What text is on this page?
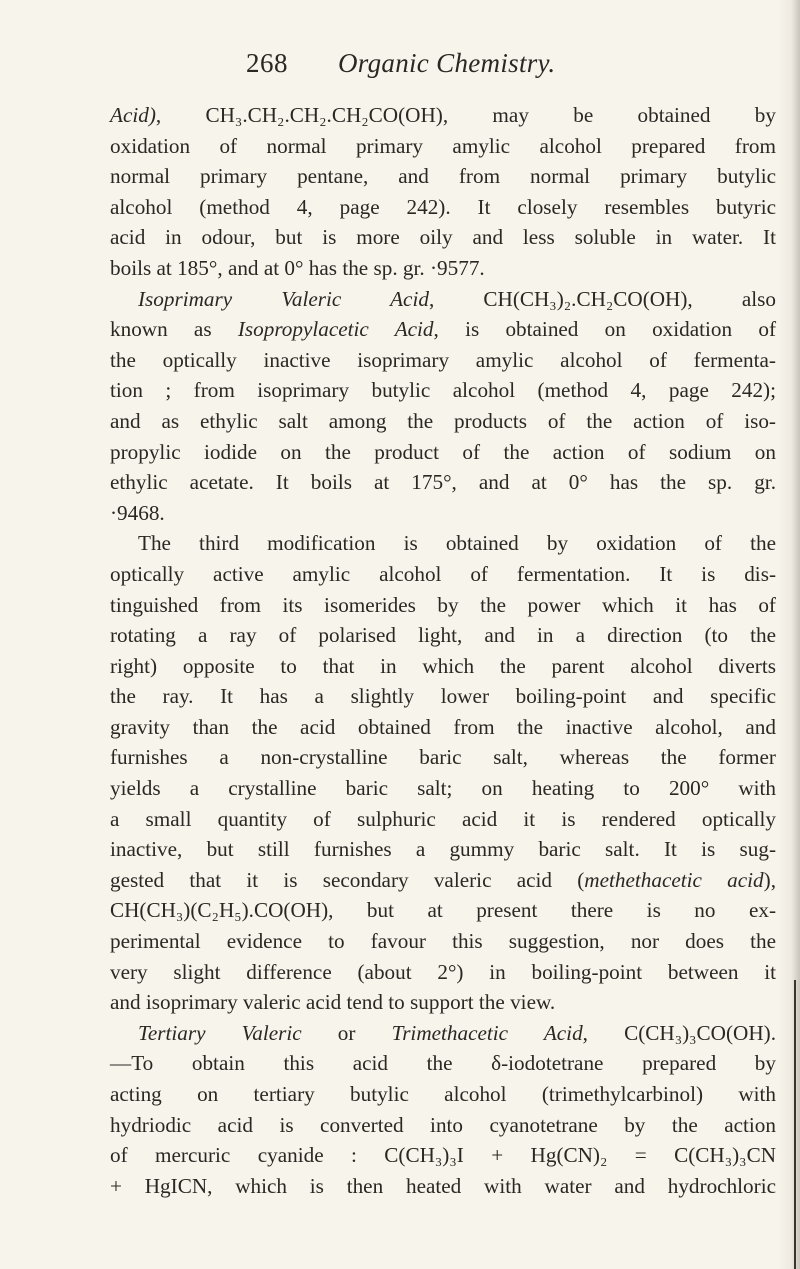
268 Organic Chemistry.
Acid), CH₃.CH₂.CH₂.CH₂CO(OH), may be obtained by
oxidation of normal primary amylic alcohol prepared from
normal primary pentane, and from normal primary butylic
alcohol (method 4, page 242). It closely resembles butyric
acid in odour, but is more oily and less soluble in water. It
boils at 185°, and at 0° has the sp. gr. ·9577.
Isoprimary Valeric Acid, CH(CH₃)₂.CH₂CO(OH), also
known as Isopropylacetic Acid, is obtained on oxidation of
the optically inactive isoprimary amylic alcohol of fermenta-
tion ; from isoprimary butylic alcohol (method 4, page 242);
and as ethylic salt among the products of the action of iso-
propylic iodide on the product of the action of sodium on
ethylic acetate. It boils at 175°, and at 0° has the sp. gr.
·9468.
The third modification is obtained by oxidation of the
optically active amylic alcohol of fermentation. It is dis-
tinguished from its isomerides by the power which it has of
rotating a ray of polarised light, and in a direction (to the
right) opposite to that in which the parent alcohol diverts
the ray. It has a slightly lower boiling-point and specific
gravity than the acid obtained from the inactive alcohol, and
furnishes a non-crystalline baric salt, whereas the former
yields a crystalline baric salt; on heating to 200° with
a small quantity of sulphuric acid it is rendered optically
inactive, but still furnishes a gummy baric salt. It is sug-
gested that it is secondary valeric acid (methethacetic acid),
CH(CH₃)(C₂H₅).CO(OH), but at present there is no ex-
perimental evidence to favour this suggestion, nor does the
very slight difference (about 2°) in boiling-point between it
and isoprimary valeric acid tend to support the view.
Tertiary Valeric or Trimethacetic Acid, C(CH₃)₃CO(OH).
—To obtain this acid the δ-iodotetrane prepared by
acting on tertiary butylic alcohol (trimethylcarbinol) with
hydriodic acid is converted into cyanotetrane by the action
of mercuric cyanide : C(CH₃)₃I + Hg(CN)₂ = C(CH₃)₃CN
+ HgICN, which is then heated with water and hydrochloric
